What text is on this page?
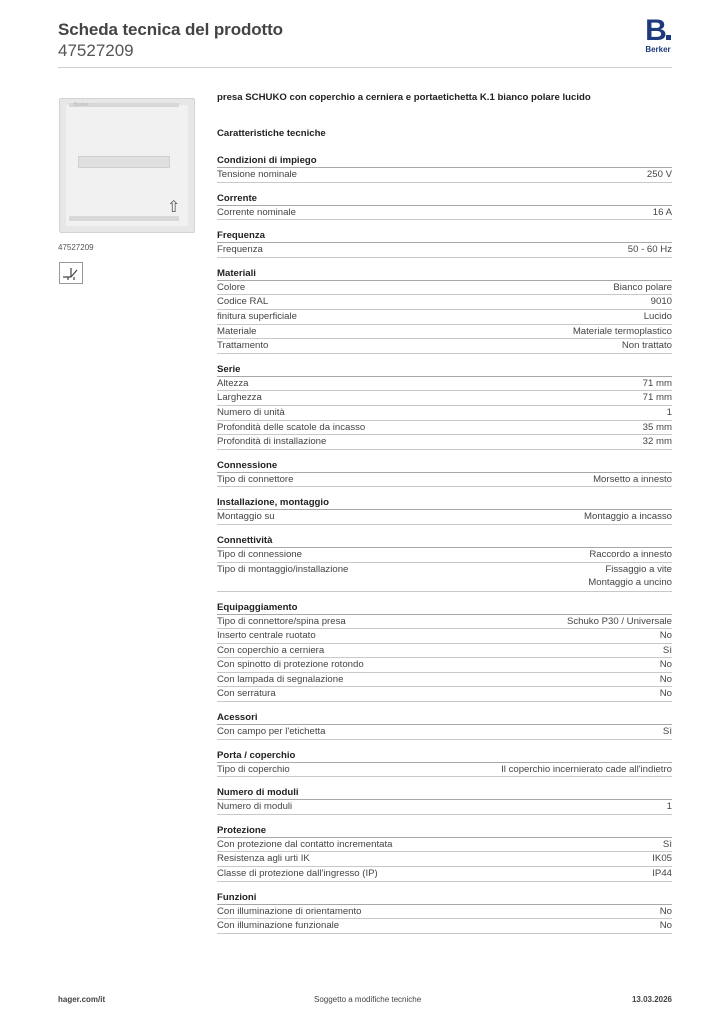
Scheda tecnica del prodotto
47527209
B
Berker
Berker
⇧
47527209
presa SCHUKO con coperchio a cerniera e portaetichetta K.1 bianco polare lucido
Caratteristiche tecniche
Condizioni di impiego
Tensione nominale	250 V
Corrente
Corrente nominale	16 A
Frequenza
Frequenza	50 - 60 Hz
Materiali
Colore	Bianco polare
Codice RAL	9010
finitura superficiale	Lucido
Materiale	Materiale termoplastico
Trattamento	Non trattato
Serie
Altezza	71 mm
Larghezza	71 mm
Numero di unità	1
Profondità delle scatole da incasso	35 mm
Profondità di installazione	32 mm
Connessione
Tipo di connettore	Morsetto a innesto
Installazione, montaggio
Montaggio su	Montaggio a incasso
Connettività
Tipo di connessione	Raccordo a innesto
Tipo di montaggio/installazione	Fissaggio a vite
Montaggio a uncino
Equipaggiamento
Tipo di connettore/spina presa	Schuko P30 / Universale
Inserto centrale ruotato	No
Con coperchio a cerniera	Sì
Con spinotto di protezione rotondo	No
Con lampada di segnalazione	No
Con serratura	No
Acessori
Con campo per l'etichetta	Sì
Porta / coperchio
Tipo di coperchio	Il coperchio incernierato cade all'indietro
Numero di moduli
Numero di moduli	1
Protezione
Con protezione dal contatto incrementata	Sì
Resistenza agli urti IK	IK05
Classe di protezione dall'ingresso (IP)	IP44
Funzioni
Con illuminazione di orientamento	No
Con illuminazione funzionale	No
hager.com/it	Soggetto a modifiche tecniche	13.03.2026
